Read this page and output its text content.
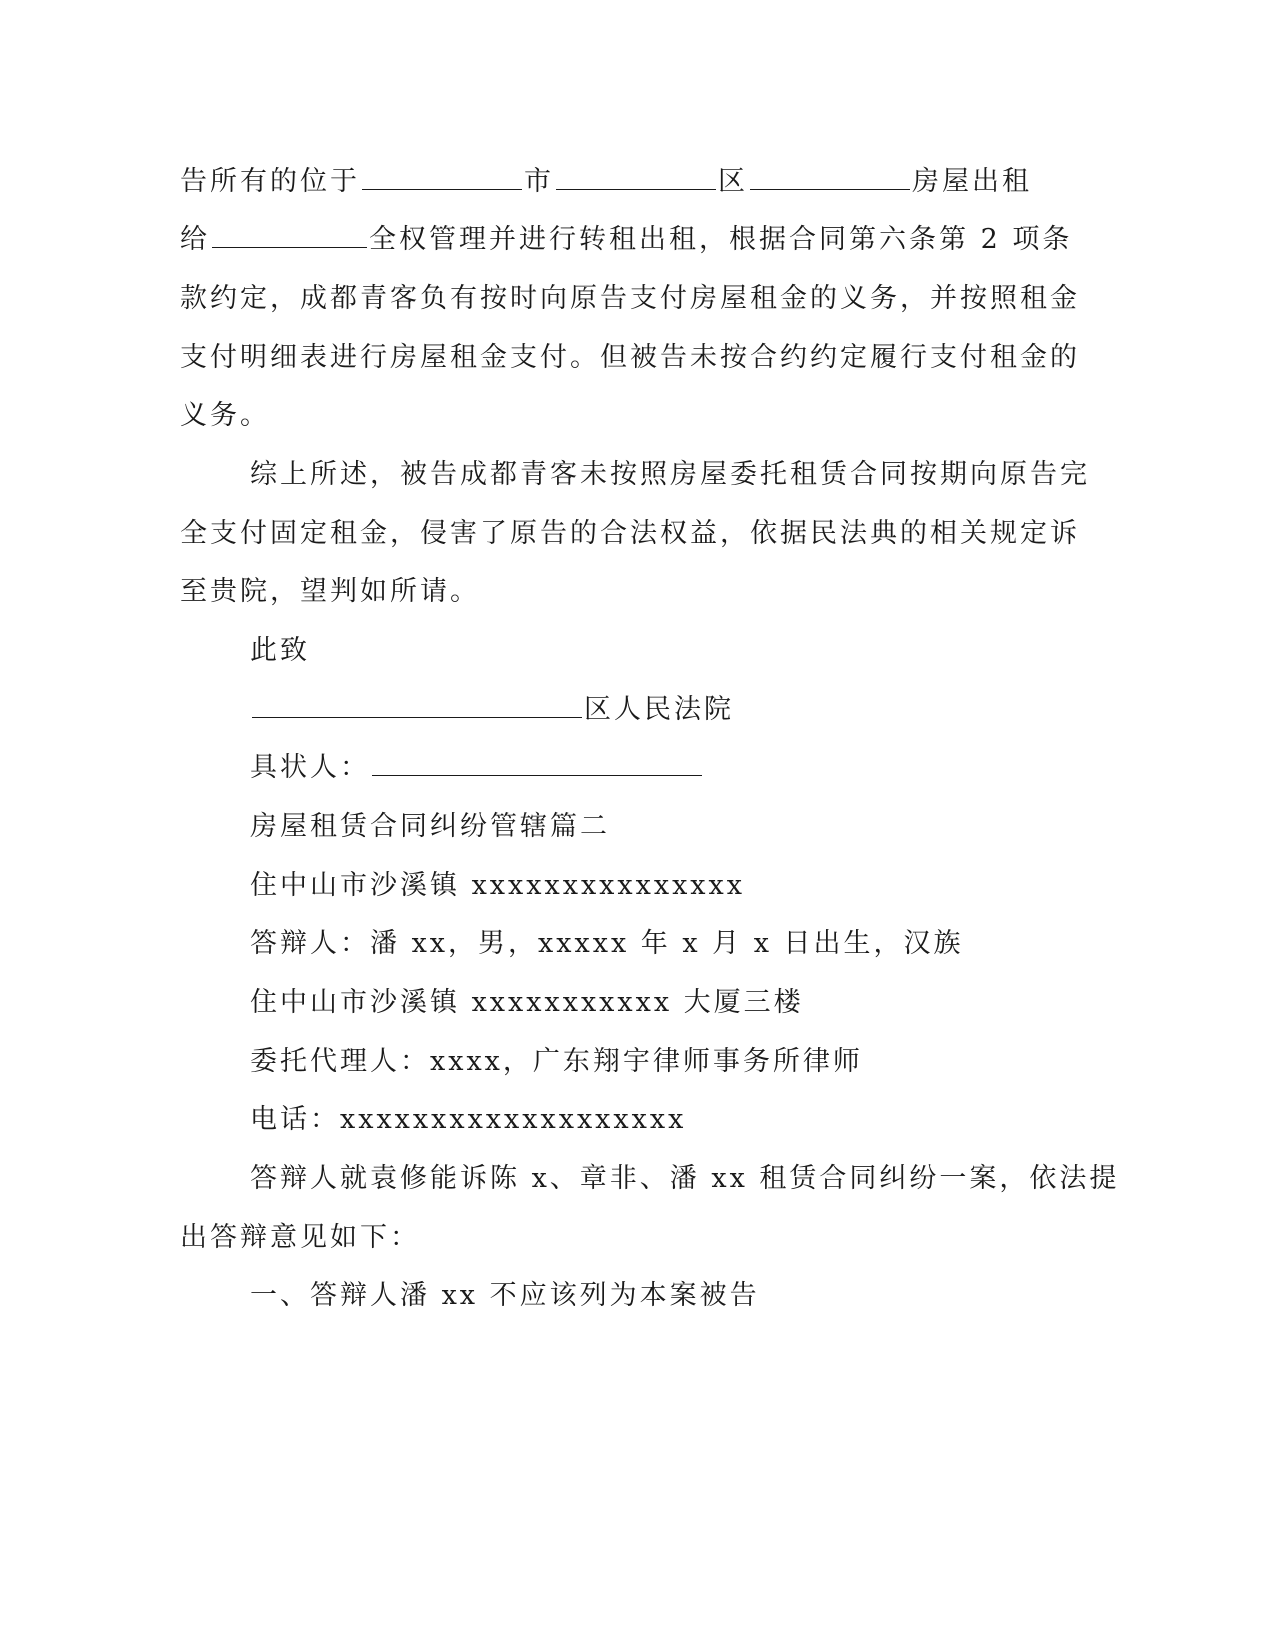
告所有的位于	市	区	房屋出租
给	全权管理并进行转租出租，根据合同第六条第 2 项条
款约定，成都青客负有按时向原告支付房屋租金的义务，并按照租金
支付明细表进行房屋租金支付。但被告未按合约约定履行支付租金的
义务。
综上所述，被告成都青客未按照房屋委托租赁合同按期向原告完
全支付固定租金，侵害了原告的合法权益，依据民法典的相关规定诉
至贵院，望判如所请。
此致
区人民法院
具状人：
房屋租赁合同纠纷管辖篇二
住中山市沙溪镇 xxxxxxxxxxxxxxx
答辩人：潘 xx，男，xxxxx 年 x 月 x 日出生，汉族
住中山市沙溪镇 xxxxxxxxxxx 大厦三楼
委托代理人：xxxx，广东翔宇律师事务所律师
电话：xxxxxxxxxxxxxxxxxxx
答辩人就袁修能诉陈 x、章非、潘 xx 租赁合同纠纷一案，依法提
出答辩意见如下：
一、答辩人潘 xx 不应该列为本案被告
